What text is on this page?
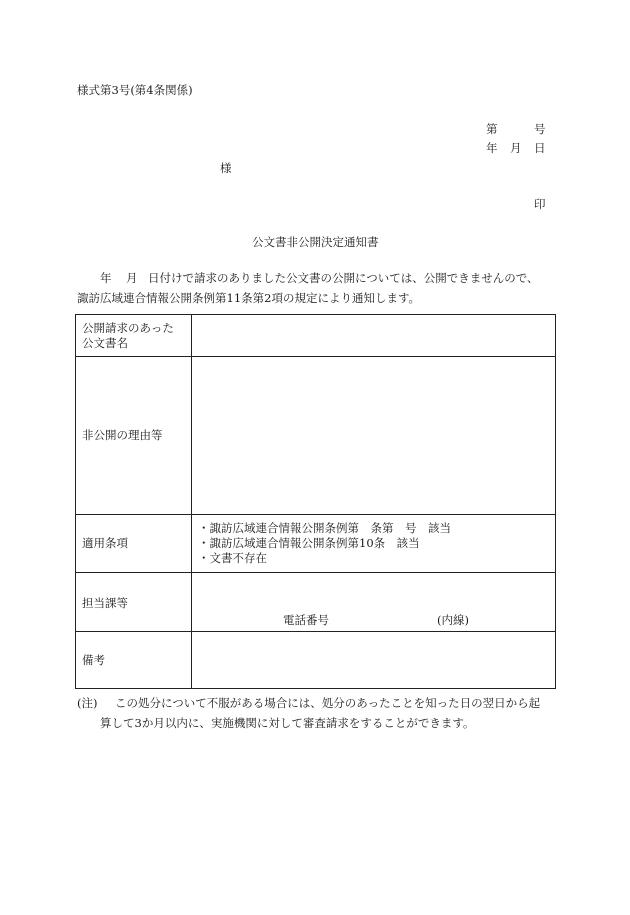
様式第3号(第4条関係)
第	号
年 月 日
様
印
公文書非公開決定通知書
年 月 日付けで請求のありました公文書の公開については、公開できませんので、
諏訪広域連合情報公開条例第11条第2項の規定により通知します。
公開請求のあった
公文書名	

非公開の理由等	
適用条項	・諏訪広域連合情報公開条例第　条第　号　該当
・諏訪広域連合情報公開条例第10条　該当
・文書不存在

担当課等	電話番号 (内線)

備考	
(注) この処分について不服がある場合には、処分のあったことを知った日の翌日から起
算して3か月以内に、実施機関に対して審査請求をすることができます。
